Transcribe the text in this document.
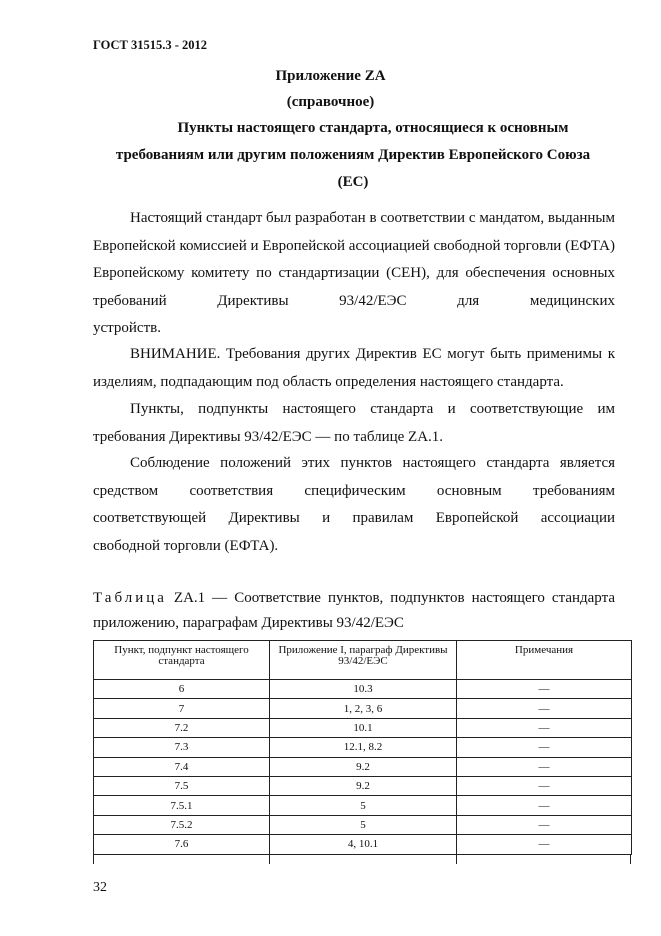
ГОСТ 31515.3 - 2012
Приложение ZA
(справочное)
Пункты настоящего стандарта, относящиеся к основным
требованиям или другим положениям Директив Европейского Союза
(ЕС)
Настоящий стандарт был разработан в соответствии с мандатом, выданным Европейской комиссией и Европейской ассоциацией свободной торговли (ЕФТА) Европейскому комитету по стандартизации (СЕН), для обеспечения основных требований Директивы 93/42/ЕЭС для медицинских
устройств.
ВНИМАНИЕ. Требования других Директив ЕС могут быть применимы к изделиям, подпадающим под область определения настоящего стандарта.
Пункты, подпункты настоящего стандарта и соответствующие им требования Директивы 93/42/ЕЭС — по таблице ZA.1.
Соблюдение положений этих пунктов настоящего стандарта является средством соответствия специфическим основным требованиям соответствующей Директивы и правилам Европейской ассоциации
свободной торговли (ЕФТА).
Таблица ZA.1 — Соответствие пунктов, подпунктов настоящего стандарта приложению, параграфам Директивы 93/42/ЕЭС
Пункт, подпункт настоящего стандарта	Приложение I, параграф Директивы 93/42/ЕЭС	Примечания
6	10.3	—
7	1, 2, 3, 6	—
7.2	10.1	—
7.3	12.1, 8.2	—
7.4	9.2	—
7.5	9.2	—
7.5.1	5	—
7.5.2	5	—
7.6	4, 10.1	—
32
